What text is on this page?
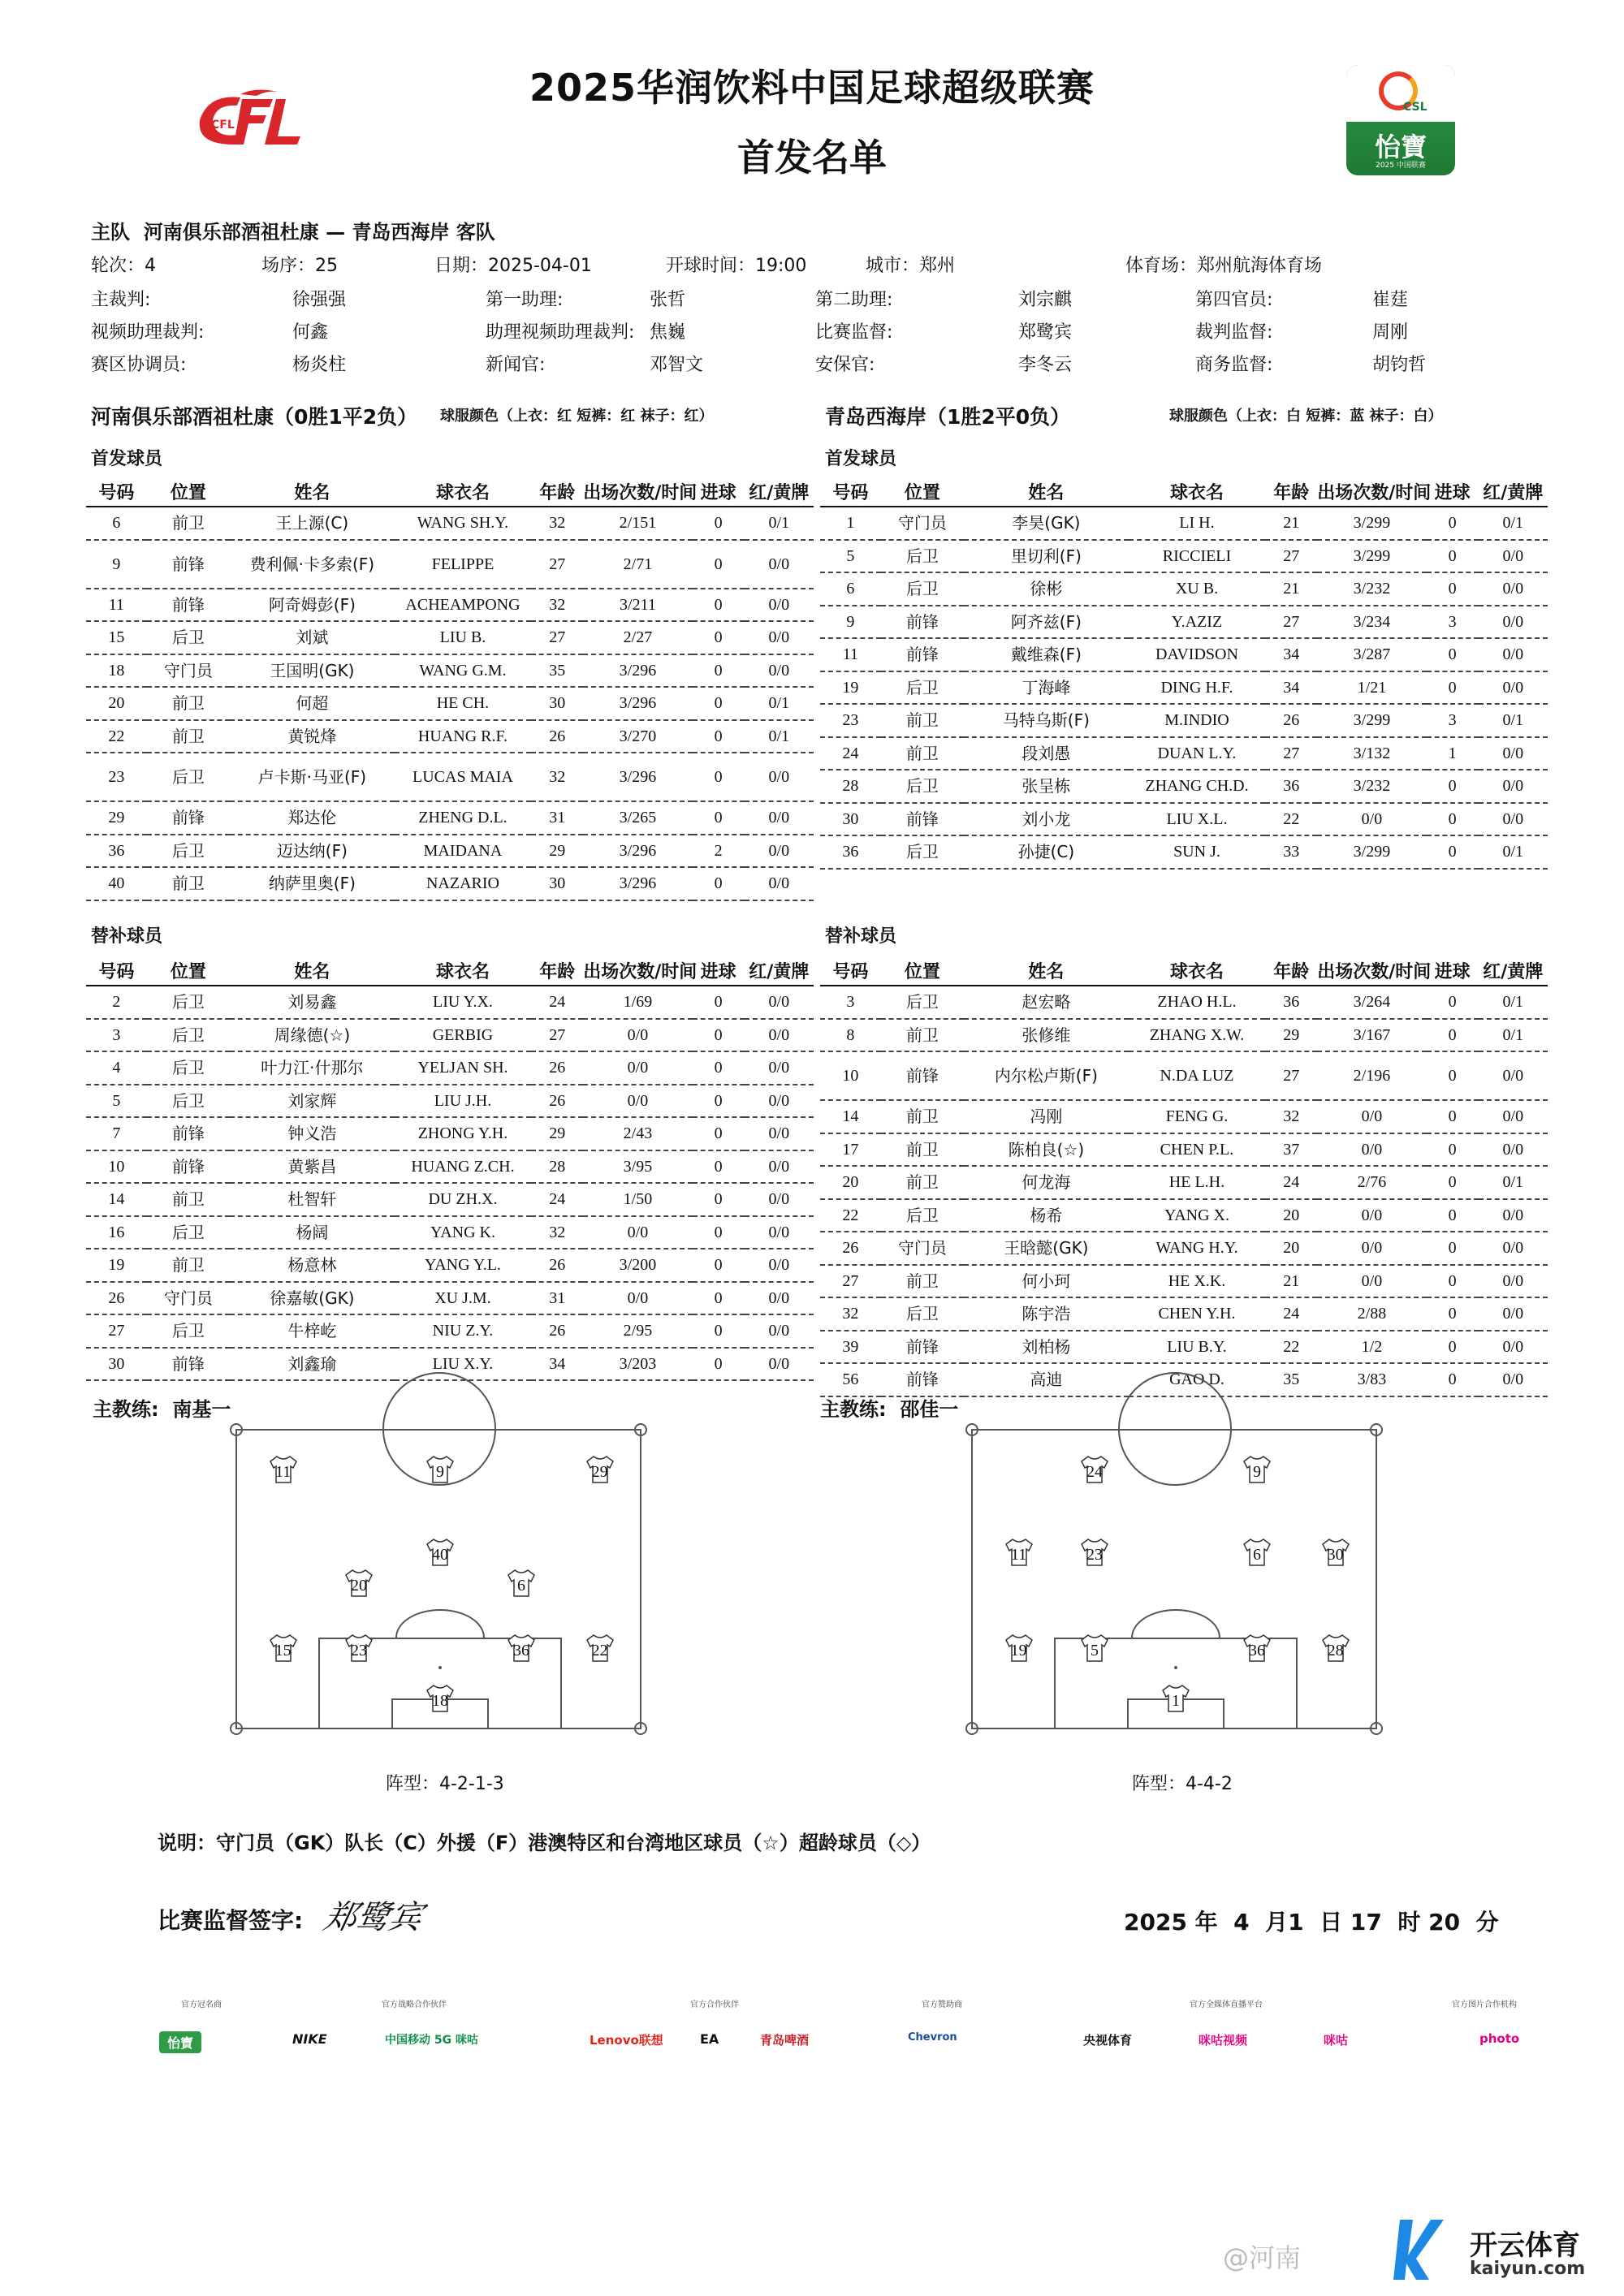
CFL
2025华润饮料中国足球超级联赛
首发名单
CSL
怡寶
2025 中国联赛
主队 河南俱乐部酒祖杜康 — 青岛西海岸 客队
轮次：4	场序：25	日期：2025-04-01	开球时间：19:00	城市：郑州	体育场：郑州航海体育场
主裁判:	徐强强	第一助理:	张哲	第二助理:	刘宗麒	第四官员:	崔莛
视频助理裁判:	何鑫	助理视频助理裁判: 焦巍	比赛监督:	郑鹭宾	裁判监督:	周刚
赛区协调员:	杨炎柱	新闻官:	邓智文	安保官:	李冬云	商务监督:	胡钧哲
河南俱乐部酒祖杜康（0胜1平2负） 球服颜色（上衣：红 短裤：红 袜子：红）	青岛西海岸（1胜2平0负）	球服颜色（上衣：白 短裤：蓝 袜子：白）
首发球员	首发球员
号码	位置	姓名	球衣名	年龄	出场次数/时间	进球	红/黄牌
6	前卫	王上源(C)	WANG SH.Y.	32	2/151	0	0/1
9	前锋	费利佩·卡多索(F)	FELIPPE	27	2/71	0	0/0
11	前锋	阿奇姆彭(F)	ACHEAMPONG	32	3/211	0	0/0
15	后卫	刘斌	LIU B.	27	2/27	0	0/0
18	守门员	王国明(GK)	WANG G.M.	35	3/296	0	0/0
20	前卫	何超	HE CH.	30	3/296	0	0/1
22	前卫	黄锐烽	HUANG R.F.	26	3/270	0	0/1
23	后卫	卢卡斯·马亚(F)	LUCAS MAIA	32	3/296	0	0/0
29	前锋	郑达伦	ZHENG D.L.	31	3/265	0	0/0
36	后卫	迈达纳(F)	MAIDANA	29	3/296	2	0/0
40	前卫	纳萨里奥(F)	NAZARIO	30	3/296	0	0/0
号码	位置	姓名	球衣名	年龄	出场次数/时间	进球	红/黄牌
1	守门员	李昊(GK)	LI H.	21	3/299	0	0/1
5	后卫	里切利(F)	RICCIELI	27	3/299	0	0/0
6	后卫	徐彬	XU B.	21	3/232	0	0/0
9	前锋	阿齐兹(F)	Y.AZIZ	27	3/234	3	0/0
11	前锋	戴维森(F)	DAVIDSON	34	3/287	0	0/0
19	后卫	丁海峰	DING H.F.	34	1/21	0	0/0
23	前卫	马特乌斯(F)	M.INDIO	26	3/299	3	0/1
24	前卫	段刘愚	DUAN L.Y.	27	3/132	1	0/0
28	后卫	张呈栋	ZHANG CH.D.	36	3/232	0	0/0
30	前锋	刘小龙	LIU X.L.	22	0/0	0	0/0
36	后卫	孙捷(C)	SUN J.	33	3/299	0	0/1
替补球员	替补球员
号码	位置	姓名	球衣名	年龄	出场次数/时间	进球	红/黄牌
2	后卫	刘易鑫	LIU Y.X.	24	1/69	0	0/0
3	后卫	周缘德(☆)	GERBIG	27	0/0	0	0/0
4	后卫	叶力江·什那尔	YELJAN SH.	26	0/0	0	0/0
5	后卫	刘家辉	LIU J.H.	26	0/0	0	0/0
7	前锋	钟义浩	ZHONG Y.H.	29	2/43	0	0/0
10	前锋	黄紫昌	HUANG Z.CH.	28	3/95	0	0/0
14	前卫	杜智轩	DU ZH.X.	24	1/50	0	0/0
16	后卫	杨阔	YANG K.	32	0/0	0	0/0
19	前卫	杨意林	YANG Y.L.	26	3/200	0	0/0
26	守门员	徐嘉敏(GK)	XU J.M.	31	0/0	0	0/0
27	后卫	牛梓屹	NIU Z.Y.	26	2/95	0	0/0
30	前锋	刘鑫瑜	LIU X.Y.	34	3/203	0	0/0
号码	位置	姓名	球衣名	年龄	出场次数/时间	进球	红/黄牌
3	后卫	赵宏略	ZHAO H.L.	36	3/264	0	0/1
8	前卫	张修维	ZHANG X.W.	29	3/167	0	0/1
10	前锋	内尔松卢斯(F)	N.DA LUZ	27	2/196	0	0/0
14	前卫	冯刚	FENG G.	32	0/0	0	0/0
17	前卫	陈柏良(☆)	CHEN P.L.	37	0/0	0	0/0
20	前卫	何龙海	HE L.H.	24	2/76	0	0/1
22	后卫	杨希	YANG X.	20	0/0	0	0/0
26	守门员	王晗懿(GK)	WANG H.Y.	20	0/0	0	0/0
27	前卫	何小珂	HE X.K.	21	0/0	0	0/0
32	后卫	陈宇浩	CHEN Y.H.	24	2/88	0	0/0
39	前锋	刘柏杨	LIU B.Y.	22	1/2	0	0/0
56	前锋	高迪	GAO D.	35	3/83	0	0/0
主教练: 南基一	主教练: 邵佳一
11	9	29
40
20	6
15	23	36	22
18
24	9
11	23	6	30
19	5	36	28
1
阵型：4-2-1-3	阵型：4-4-2
说明：守门员（GK）队长（C）外援（F）港澳特区和台湾地区球员（☆）超龄球员（◇）
比赛监督签字: 郑鹭宾	2025 年  4  月1  日 17  时 20  分
官方冠名商	官方战略合作伙伴	官方合作伙伴	官方赞助商	官方全媒体直播平台	官方图片合作机构
怡寶	NIKE	中国移动 5G 咪咕	Lenovo联想	EA	青岛啤酒	Chevron	央视体育	咪咕视频	咪咕	photo
@河南	开云体育
kaiyun.com
